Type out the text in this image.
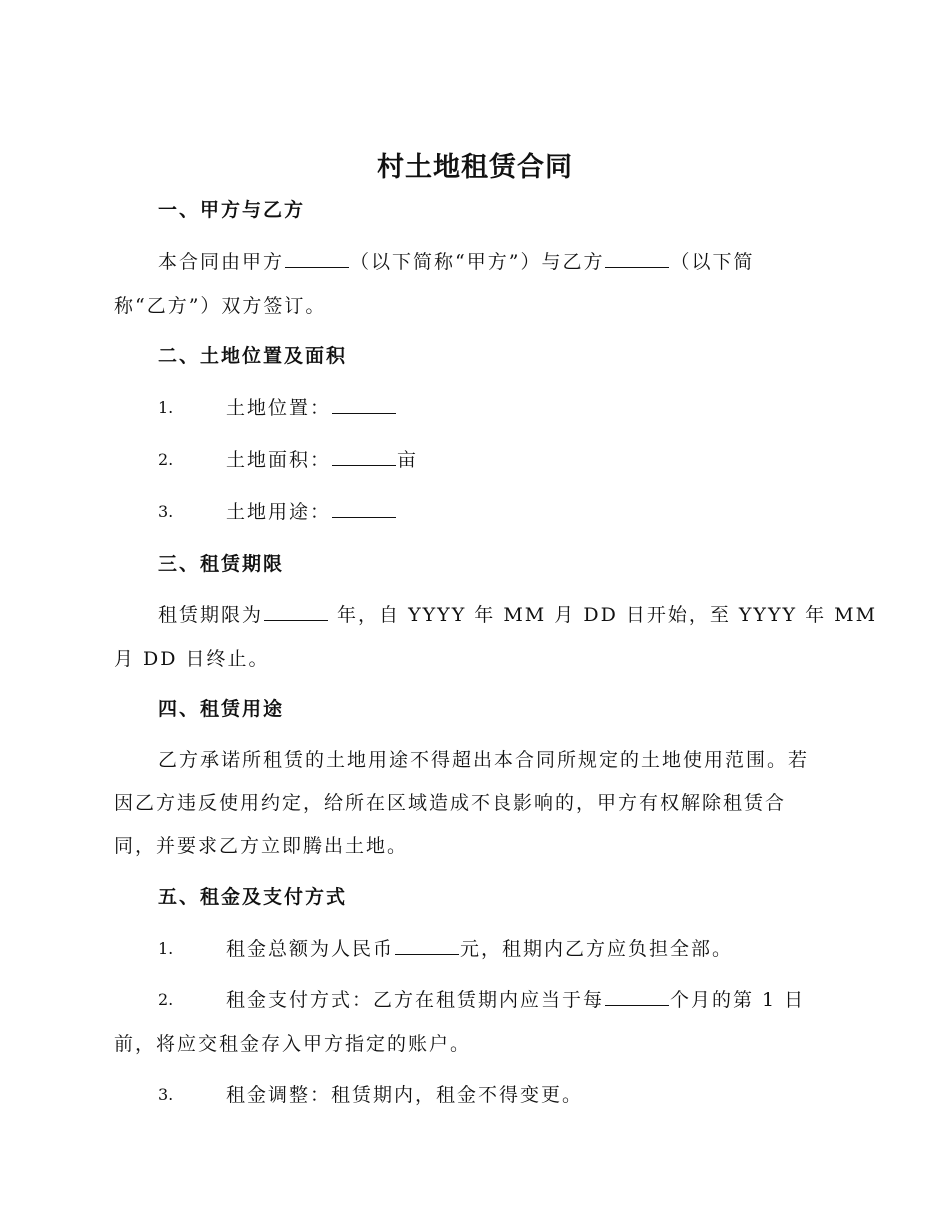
村土地租赁合同
一、甲方与乙方
本合同由甲方	（以下简称“甲方”）与乙方	（以下简
称“乙方”）双方签订。
二、土地位置及面积
1.	土地位置：
2.	土地面积：	亩
3.	土地用途：
三、租赁期限
租赁期限为	年，自 YYYY 年 MM 月 DD 日开始，至 YYYY 年 MM
月 DD 日终止。
四、租赁用途
乙方承诺所租赁的土地用途不得超出本合同所规定的土地使用范围。若
因乙方违反使用约定，给所在区域造成不良影响的，甲方有权解除租赁合
同，并要求乙方立即腾出土地。
五、租金及支付方式
1.	租金总额为人民币	元，租期内乙方应负担全部。
2.	租金支付方式：乙方在租赁期内应当于每	个月的第 1 日
前，将应交租金存入甲方指定的账户。
3.	租金调整：租赁期内，租金不得变更。
